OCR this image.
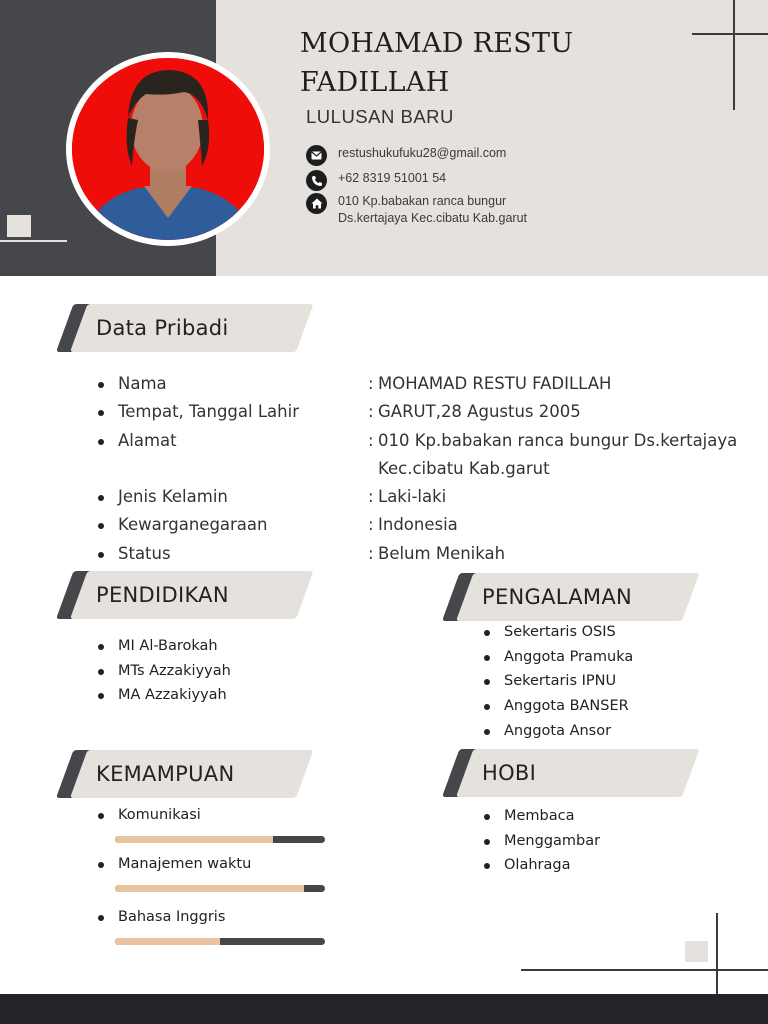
MOHAMAD RESTU
FADILLAH
LULUSAN BARU
restushukufuku28@gmail.com
+62 8319 51001 54
010 Kp.babakan ranca bungur
Ds.kertajaya Kec.cibatu Kab.garut
Data Pribadi
Nama	: MOHAMAD RESTU FADILLAH
Tempat, Tanggal Lahir	: GARUT,28 Agustus 2005
Alamat	: 010 Kp.babakan ranca bungur Ds.kertajaya Kec.cibatu Kab.garut
Jenis Kelamin	: Laki-laki
Kewarganegaraan	: Indonesia
Status	: Belum Menikah
PENDIDIKAN
MI Al-Barokah
MTs Azzakiyyah
MA Azzakiyyah
PENGALAMAN
Sekertaris OSIS
Anggota Pramuka
Sekertaris IPNU
Anggota BANSER
Anggota Ansor
KEMAMPUAN
Komunikasi
Manajemen waktu
Bahasa Inggris
HOBI
Membaca
Menggambar
Olahraga
